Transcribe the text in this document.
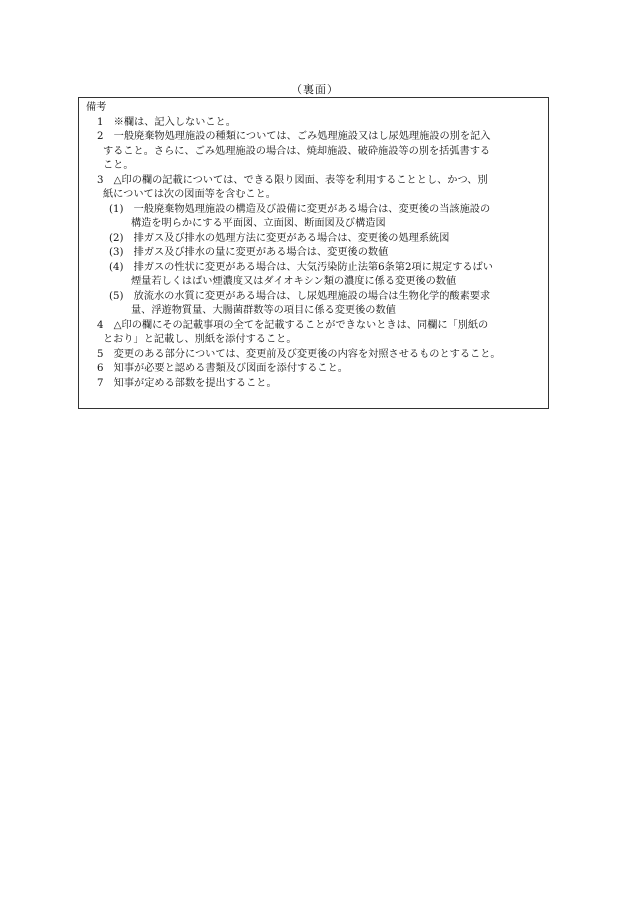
（裏面）
備考
1　※欄は、記入しないこと。
2　一般廃棄物処理施設の種類については、ごみ処理施設又はし尿処理施設の別を記入
すること。さらに、ごみ処理施設の場合は、焼却施設、破砕施設等の別を括弧書する
こと。
3　△印の欄の記載については、できる限り図面、表等を利用することとし、かつ、別
紙については次の図面等を含むこと。
(1)　一般廃棄物処理施設の構造及び設備に変更がある場合は、変更後の当該施設の
構造を明らかにする平面図、立面図、断面図及び構造図
(2)　排ガス及び排水の処理方法に変更がある場合は、変更後の処理系統図
(3)　排ガス及び排水の量に変更がある場合は、変更後の数値
(4)　排ガスの性状に変更がある場合は、大気汚染防止法第6条第2項に規定するばい
煙量若しくはばい煙濃度又はダイオキシン類の濃度に係る変更後の数値
(5)　放流水の水質に変更がある場合は、し尿処理施設の場合は生物化学的酸素要求
量、浮遊物質量、大腸菌群数等の項目に係る変更後の数値
4　△印の欄にその記載事項の全てを記載することができないときは、同欄に「別紙の
とおり」と記載し、別紙を添付すること。
5　変更のある部分については、変更前及び変更後の内容を対照させるものとすること。
6　知事が必要と認める書類及び図面を添付すること。
7　知事が定める部数を提出すること。
